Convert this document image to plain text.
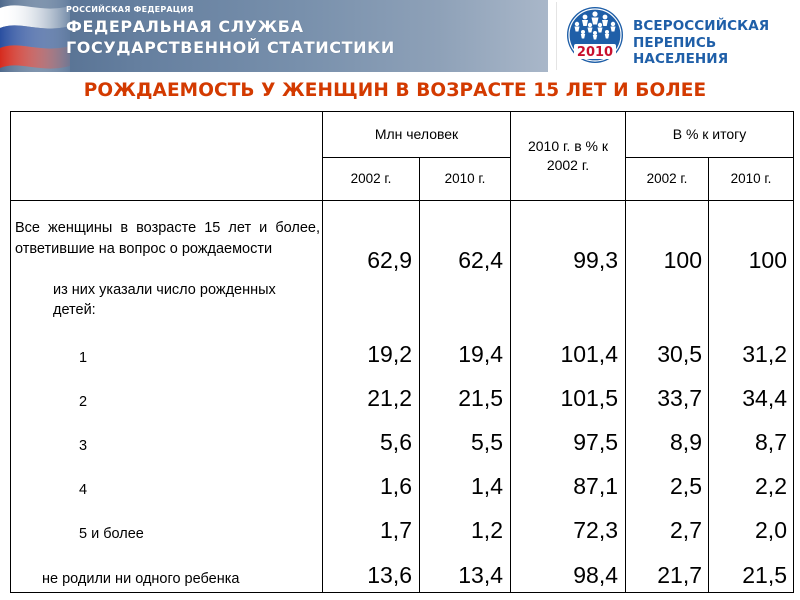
РОССИЙСКАЯ ФЕДЕРАЦИЯ
ФЕДЕРАЛЬНАЯ СЛУЖБА
ГОСУДАРСТВЕННОЙ СТАТИСТИКИ	2010
ВСЕРОССИЙСКАЯ
ПЕРЕПИСЬ НАСЕЛЕНИЯ
РОЖДАЕМОСТЬ У ЖЕНЩИН В ВОЗРАСТЕ 15 ЛЕТ И БОЛЕЕ
	Млн человек		2010 г. в % к 2002 г.	В % к итогу	
	2002 г.	2010 г.		2002 г.	2010 г.
Все женщины в возрасте 15 лет и более, ответившие на вопрос о рождаемости	62,9	62,4	99,3	100	100
из них указали число рожденных детей:					
1	19,2	19,4	101,4	30,5	31,2
2	21,2	21,5	101,5	33,7	34,4
3	5,6	5,5	97,5	8,9	8,7
4	1,6	1,4	87,1	2,5	2,2
5 и более	1,7	1,2	72,3	2,7	2,0
не родили ни одного ребенка	13,6	13,4	98,4	21,7	21,5
